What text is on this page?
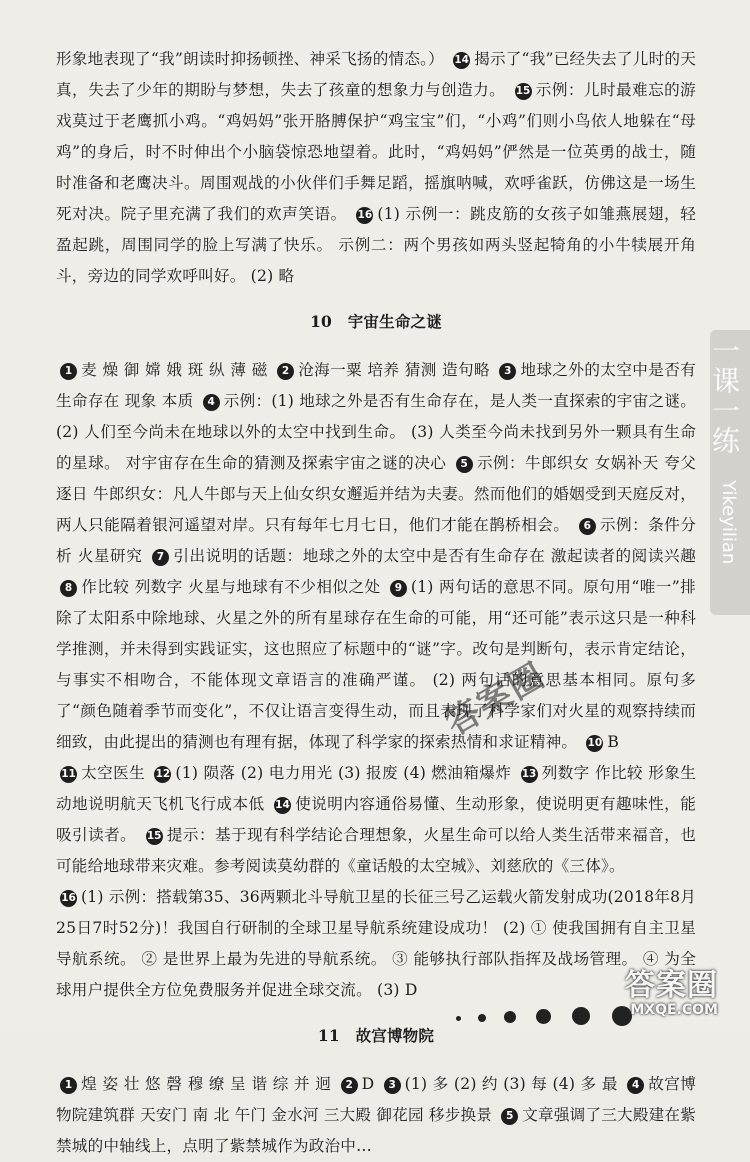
形象地表现了“我”朗读时抑扬顿挫、神采飞扬的情态。） 14 揭示了“我”已经失去了儿时的天真，失去了少年的期盼与梦想，失去了孩童的想象力与创造力。 15 示例：儿时最难忘的游戏莫过于老鹰抓小鸡。“鸡妈妈”张开胳膊保护“鸡宝宝”们，“小鸡”们则小鸟依人地躲在“母鸡”的身后，时不时伸出个小脑袋惊恐地望着。此时，“鸡妈妈”俨然是一位英勇的战士，随时准备和老鹰决斗。周围观战的小伙伴们手舞足蹈，摇旗呐喊，欢呼雀跃，仿佛这是一场生死对决。院子里充满了我们的欢声笑语。 16 (1) 示例一：跳皮筋的女孩子如雏燕展翅，轻盈起跳，周围同学的脸上写满了快乐。 示例二：两个男孩如两头竖起犄角的小牛犊展开角斗，旁边的同学欢呼叫好。 (2) 略

10　宇宙生命之谜

1 麦 燥 御 嫦 娥 斑 纵 薄 磁 2 沧海一粟 培养 猜测 造句略 3 地球之外的太空中是否有生命存在 现象 本质 4 示例：(1) 地球之外是否有生命存在，是人类一直探索的宇宙之谜。 (2) 人们至今尚未在地球以外的太空中找到生命。 (3) 人类至今尚未找到另外一颗具有生命的星球。 对宇宙存在生命的猜测及探索宇宙之谜的决心 5 示例：牛郎织女 女娲补天 夸父逐日 牛郎织女：凡人牛郎与天上仙女织女邂逅并结为夫妻。然而他们的婚姻受到天庭反对，两人只能隔着银河遥望对岸。只有每年七月七日，他们才能在鹊桥相会。 6 示例：条件分析 火星研究 7 引出说明的话题：地球之外的太空中是否有生命存在 激起读者的阅读兴趣 8 作比较 列数字 火星与地球有不少相似之处 9 (1) 两句话的意思不同。原句用“唯一”排除了太阳系中除地球、火星之外的所有星球存在生命的可能，用“还可能”表示这只是一种科学推测，并未得到实践证实，这也照应了标题中的“谜”字。改句是判断句，表示肯定结论，与事实不相吻合，不能体现文章语言的准确严谨。 (2) 两句话的意思基本相同。原句多了“颜色随着季节而变化”，不仅让语言变得生动，而且表现了科学家们对火星的观察持续而细致，由此提出的猜测也有理有据，体现了科学家的探索热情和求证精神。 10 B
11 太空医生 12 (1) 陨落 (2) 电力用光 (3) 报废 (4) 燃油箱爆炸 13 列数字 作比较 形象生动地说明航天飞机飞行成本低 14 使说明内容通俗易懂、生动形象，使说明更有趣味性，能吸引读者。 15 提示：基于现有科学结论合理想象，火星生命可以给人类生活带来福音，也可能给地球带来灾难。参考阅读莫幼群的《童话般的太空城》、刘慈欣的《三体》。
16 (1) 示例：搭载第35、36两颗北斗导航卫星的长征三号乙运载火箭发射成功(2018年8月25日7时52分)！我国自行研制的全球卫星导航系统建设成功！ (2) ① 使我国拥有自主卫星导航系统。 ② 是世界上最为先进的导航系统。 ③ 能够执行部队指挥及战场管理。 ④ 为全球用户提供全方位免费服务并促进全球交流。 (3) D

11　故宫博物院

1 煌 姿 壮 悠 磬 穆 缭 呈 谐 综 并 迥 2 D 3 (1) 多 (2) 约 (3) 每 (4) 多 最 4 故宫博物院建筑群 天安门 南 北 午门 金水河 三大殿 御花园 移步换景 5 文章强调了三大殿建在紫禁城的中轴线上，点明了紫禁城作为政治中…

一课一练
Yikeyilian
答案圈
答案圈
MXQE.COM
